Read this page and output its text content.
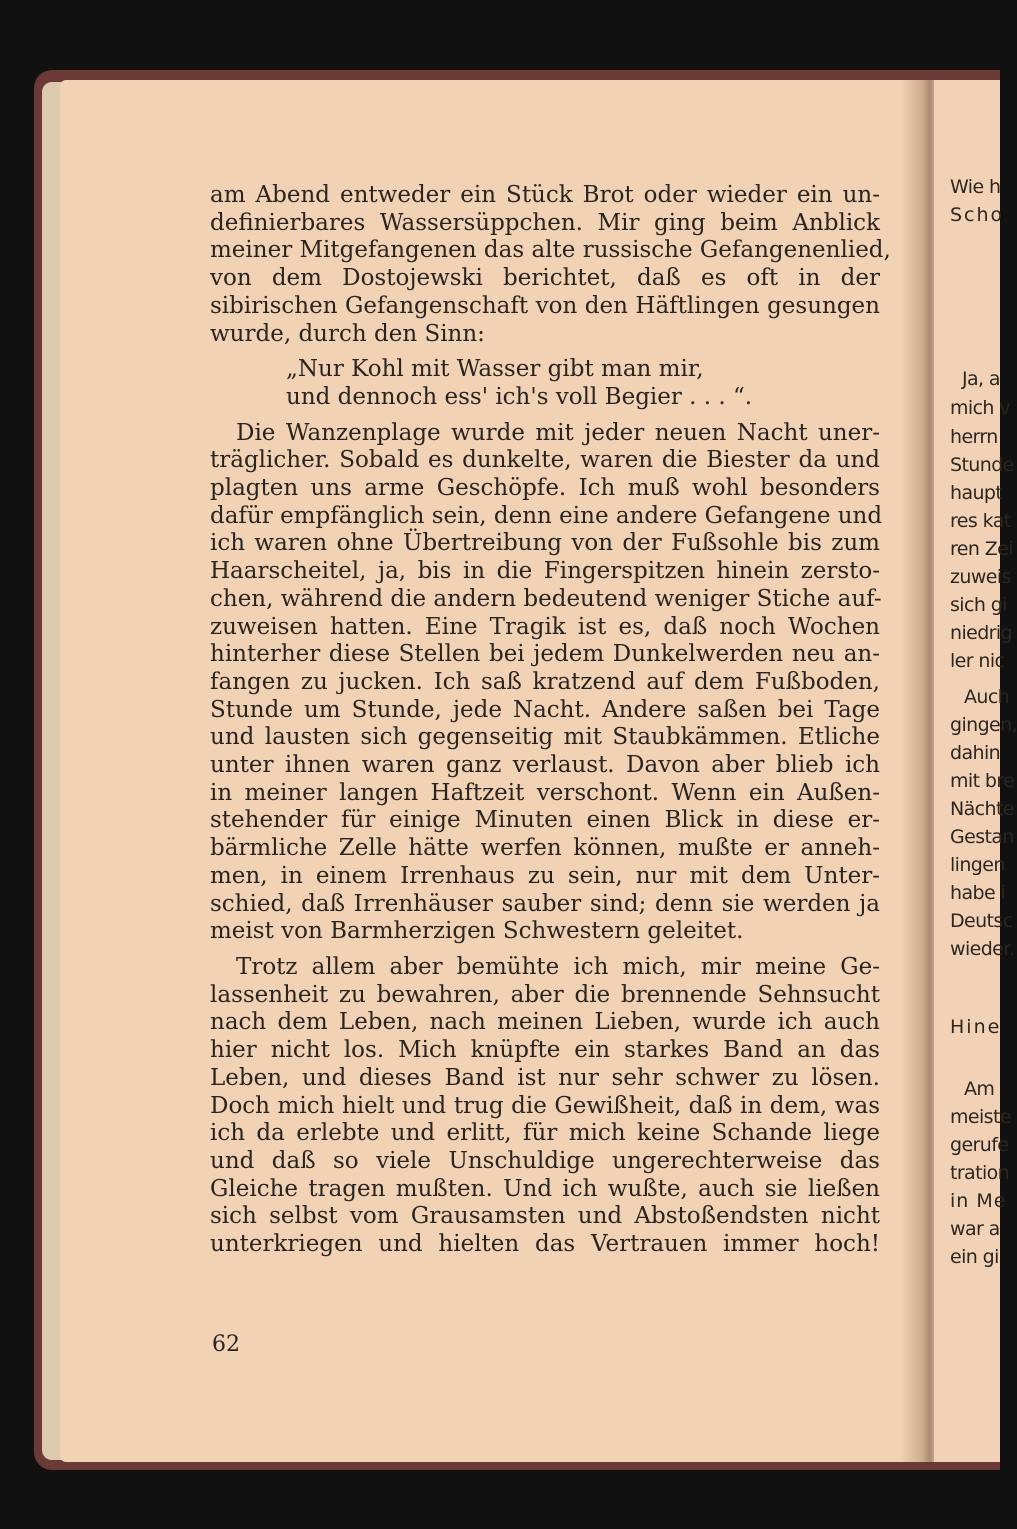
am Abend entweder ein Stück Brot oder wieder ein un-
definierbares Wassersüppchen. Mir ging beim Anblick
meiner Mitgefangenen das alte russische Gefangenenlied,
von dem Dostojewski berichtet, daß es oft in der
sibirischen Gefangenschaft von den Häftlingen gesungen
wurde, durch den Sinn:
„Nur Kohl mit Wasser gibt man mir,
und dennoch ess' ich's voll Begier . . . “.
Die Wanzenplage wurde mit jeder neuen Nacht uner-
träglicher. Sobald es dunkelte, waren die Biester da und
plagten uns arme Geschöpfe. Ich muß wohl besonders
dafür empfänglich sein, denn eine andere Gefangene und
ich waren ohne Übertreibung von der Fußsohle bis zum
Haarscheitel, ja, bis in die Fingerspitzen hinein zersto-
chen, während die andern bedeutend weniger Stiche auf-
zuweisen hatten. Eine Tragik ist es, daß noch Wochen
hinterher diese Stellen bei jedem Dunkelwerden neu an-
fangen zu jucken. Ich saß kratzend auf dem Fußboden,
Stunde um Stunde, jede Nacht. Andere saßen bei Tage
und lausten sich gegenseitig mit Staubkämmen. Etliche
unter ihnen waren ganz verlaust. Davon aber blieb ich
in meiner langen Haftzeit verschont. Wenn ein Außen-
stehender für einige Minuten einen Blick in diese er-
bärmliche Zelle hätte werfen können, mußte er anneh-
men, in einem Irrenhaus zu sein, nur mit dem Unter-
schied, daß Irrenhäuser sauber sind; denn sie werden ja
meist von Barmherzigen Schwestern geleitet.
Trotz allem aber bemühte ich mich, mir meine Ge-
lassenheit zu bewahren, aber die brennende Sehnsucht
nach dem Leben, nach meinen Lieben, wurde ich auch
hier nicht los. Mich knüpfte ein starkes Band an das
Leben, und dieses Band ist nur sehr schwer zu lösen.
Doch mich hielt und trug die Gewißheit, daß in dem, was
ich da erlebte und erlitt, für mich keine Schande liege
und daß so viele Unschuldige ungerechterweise das
Gleiche tragen mußten. Und ich wußte, auch sie ließen
sich selbst vom Grausamsten und Abstoßendsten nicht
unterkriegen und hielten das Vertrauen immer hoch!
62
Wie h
Scho
Ja, a
mich v
herrn
Stunde
haupt
res kat
ren Zei
zuweis
sich gi
niedrig
ler nic
Auch
gingen,
dahin
mit bre
Nächte
Gestan
lingen
habe i
Deutsc
wieder.
Hine
Am
meiste
gerufe
tration
in Me
war a
ein gi
